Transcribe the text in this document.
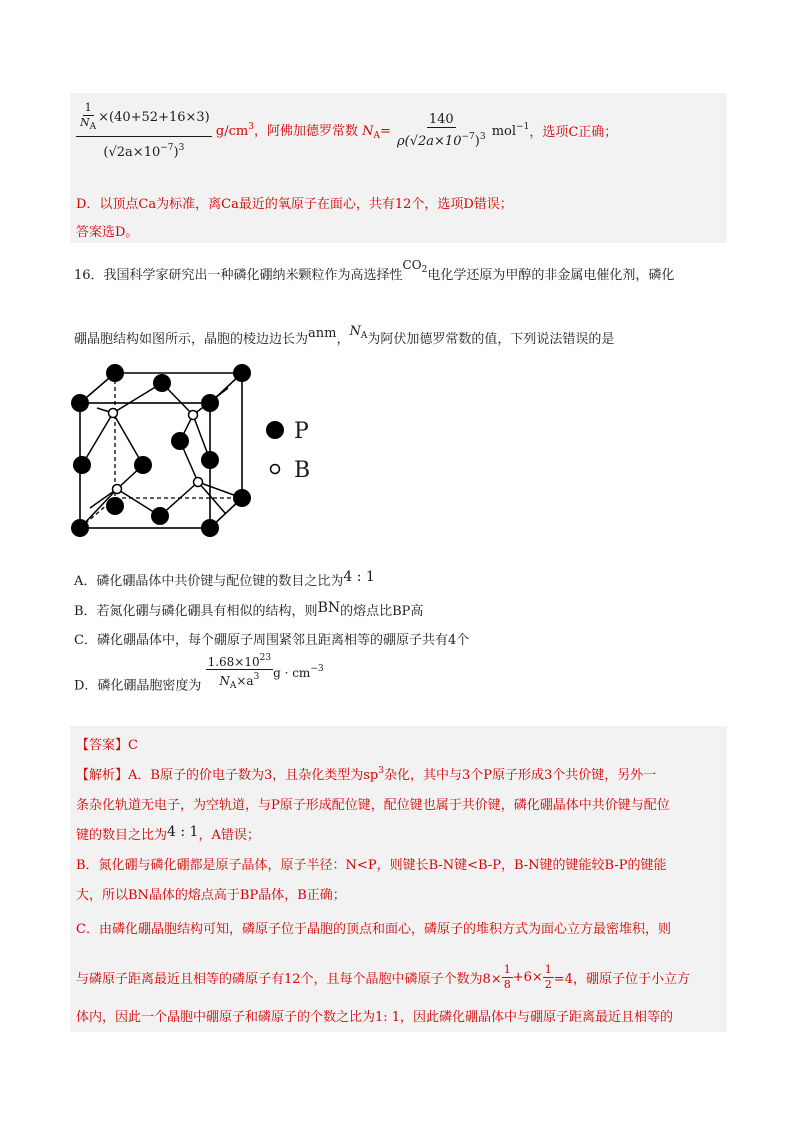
$\frac{\frac{1}{N_A} \times(40+52+16\times 3)}{(√2a\times 10^{-7})^3} g/cm^3$，阿佛加德罗常数 $N_A= \frac{140}{\rho(√2a\times 10^{-7})^3} mol^{-1}$，选项C正确；
D．以顶点Ca为标准，离Ca最近的氧原子在面心，共有12个，选项D错误；
答案选D。
16．我国科学家研究出一种磷化硼纳米颗粒作为高选择性$CO_2$电化学还原为甲醇的非金属电催化剂，磷化
硼晶胞结构如图所示，晶胞的棱边边长为anm，$N_A$为阿伏加德罗常数的值，下列说法错误的是
P
B
A．磷化硼晶体中共价键与配位键的数目之比为4 : 1
B．若氮化硼与磷化硼具有相似的结构，则BN的熔点比BP高
C．磷化硼晶体中，每个硼原子周围紧邻且距离相等的硼原子共有4个
D．磷化硼晶胞密度为 $\frac{1.68\times 10^{23}}{N_A\times a^3}$ $g \cdot cm^{-3}$
【答案】C
【解析】A．B原子的价电子数为3，且杂化类型为$sp^3$杂化，其中与3个P原子形成3个共价键，另外一
条杂化轨道无电子，为空轨道，与P原子形成配位键，配位键也属于共价键，磷化硼晶体中共价键与配位
键的数目之比为4 : 1，A错误；
B．氮化硼与磷化硼都是原子晶体，原子半径：N<P，则键长B-N键<B-P，B-N键的键能较B-P的键能
大，所以BN晶体的熔点高于BP晶体，B正确；
C．由磷化硼晶胞结构可知，磷原子位于晶胞的顶点和面心，磷原子的堆积方式为面心立方最密堆积，则
与磷原子距离最近且相等的磷原子有12个，且每个晶胞中磷原子个数为$8\times \frac{1}{8} +6\times \frac{1}{2} =4$，硼原子位于小立方
体内，因此一个晶胞中硼原子和磷原子的个数之比为1: 1，因此磷化硼晶体中与硼原子距离最近且相等的
